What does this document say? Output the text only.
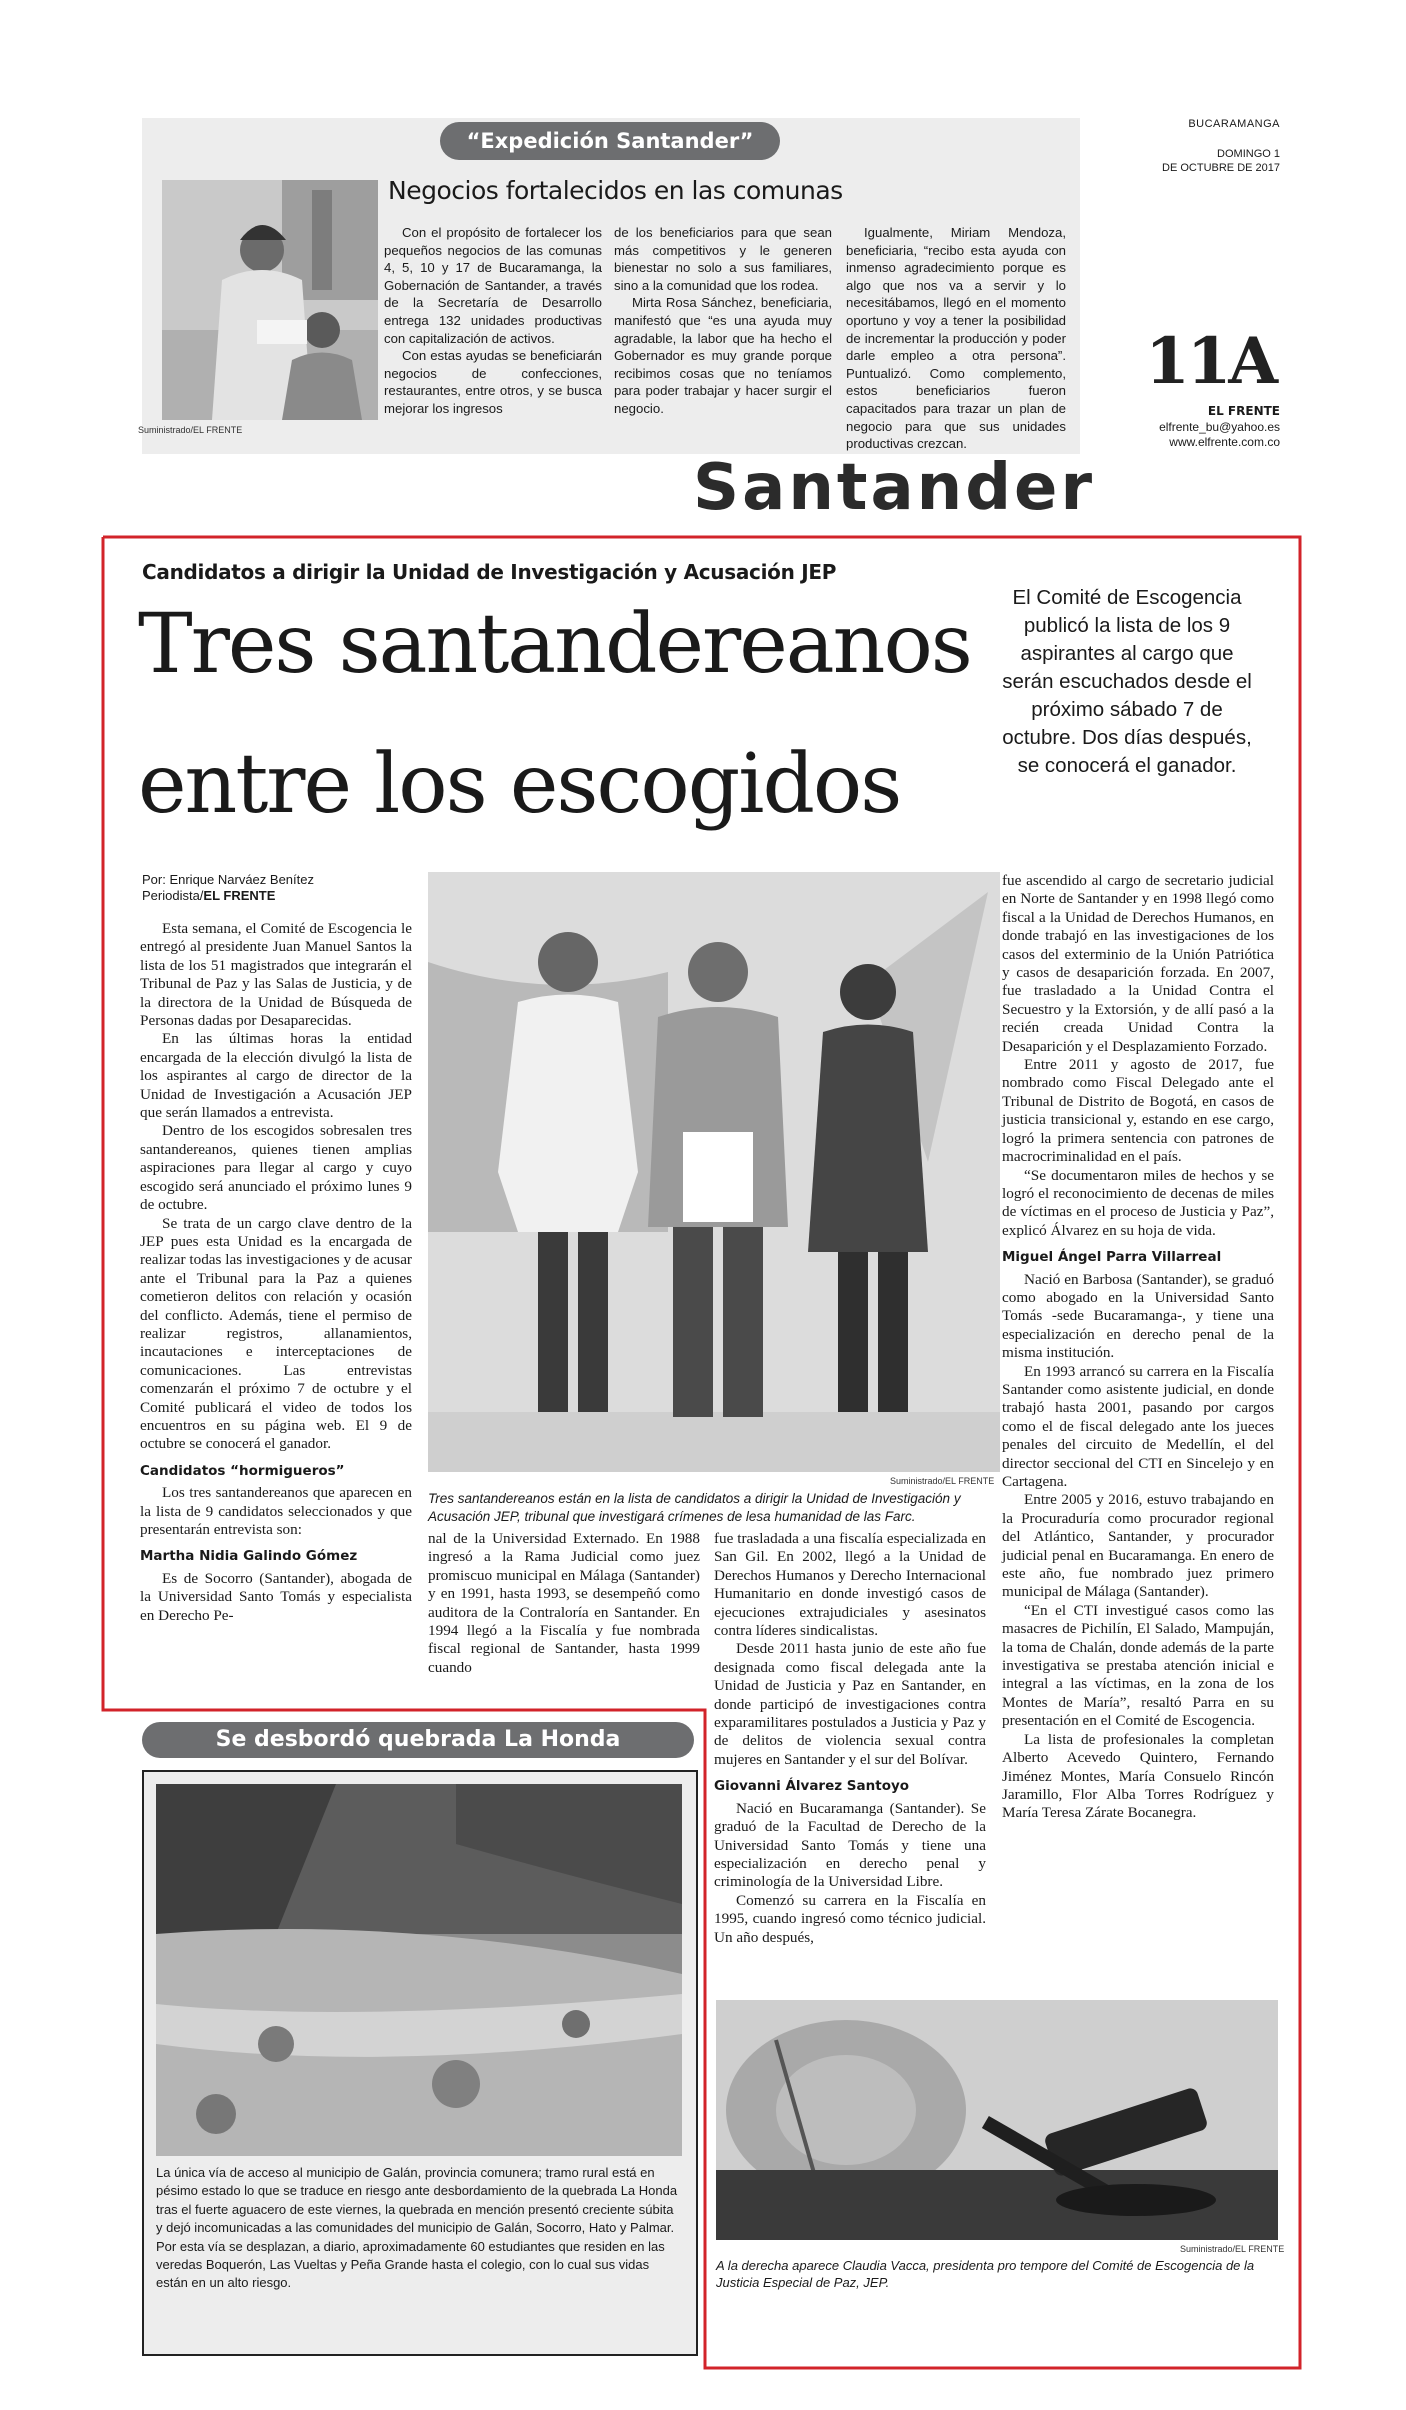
BUCARAMANGA
DOMINGO 1
DE OCTUBRE DE 2017
11A
EL FRENTE
elfrente_bu@yahoo.es
www.elfrente.com.co
“Expedición Santander”
Suministrado/EL FRENTE
Negocios fortalecidos en las comunas

Con el propósito de fortalecer los pequeños negocios de las comunas 4, 5, 10 y 17 de Bucaramanga, la Gobernación de Santander, a través de la Secretaría de Desarrollo entrega 132 unidades productivas con capitalización de activos.

Con estas ayudas se beneficiarán negocios de confecciones, restaurantes, entre otros, y se busca mejorar los ingresos

de los beneficiarios para que sean más competitivos y le generen bienestar no solo a sus familiares, sino a la comunidad que los rodea.

Mirta Rosa Sánchez, beneficiaria, manifestó que “es una ayuda muy agradable, la labor que ha hecho el Gobernador es muy grande porque recibimos cosas que no teníamos para poder trabajar y hacer surgir el negocio.

Igualmente, Miriam Mendoza, beneficiaria, “recibo esta ayuda con inmenso agradecimiento porque es algo que nos va a servir y lo necesitábamos, llegó en el momento oportuno y voy a tener la posibilidad de incrementar la producción y poder darle empleo a otra persona”. Puntualizó. Como complemento, estos beneficiarios fueron capacitados para trazar un plan de negocio para que sus unidades productivas crezcan.

Santander
Candidatos a dirigir la Unidad de Investigación y Acusación JEP
Tres santandereanos
entre los escogidos
El Comité de Escogencia publicó la lista de los 9 aspirantes al cargo que serán escuchados desde el próximo sábado 7 de octubre. Dos días después, se conocerá el ganador.
Por: Enrique Narváez Benítez
Periodista/EL FRENTE
Suministrado/EL FRENTE
Tres santandereanos están en la lista de candidatos a dirigir la Unidad de Investigación y Acusación JEP, tribunal que investigará crímenes de lesa humanidad de las Farc.

Esta semana, el Comité de Escogencia le entregó al presidente Juan Manuel Santos la lista de los 51 magistrados que integrarán el Tribunal de Paz y las Salas de Justicia, y de la directora de la Unidad de Búsqueda de Personas dadas por Desaparecidas.

En las últimas horas la entidad encargada de la elección divulgó la lista de los aspirantes al cargo de director de la Unidad de Investigación a Acusación JEP que serán llamados a entrevista.

Dentro de los escogidos sobresalen tres santandereanos, quienes tienen amplias aspiraciones para llegar al cargo y cuyo escogido será anunciado el próximo lunes 9 de octubre.

Se trata de un cargo clave dentro de la JEP pues esta Unidad es la encargada de realizar todas las investigaciones y de acusar ante el Tribunal para la Paz a quienes cometieron delitos con relación y ocasión del conflicto. Además, tiene el permiso de realizar registros, allanamientos, incautaciones e interceptaciones de comunicaciones. Las entrevistas comenzarán el próximo 7 de octubre y el Comité publicará el video de todos los encuentros en su página web. El 9 de octubre se conocerá el ganador.

Candidatos “hormigueros”

Los tres santandereanos que aparecen en la lista de 9 candidatos seleccionados y que presentarán entrevista son:

Martha Nidia Galindo Gómez

Es de Socorro (Santander), abogada de la Universidad Santo Tomás y especialista en Derecho Pe-

nal de la Universidad Externado. En 1988 ingresó a la Rama Judicial como juez promiscuo municipal en Málaga (Santander) y en 1991, hasta 1993, se desempeñó como auditora de la Contraloría en Santander. En 1994 llegó a la Fiscalía y fue nombrada fiscal regional de Santander, hasta 1999 cuando

fue trasladada a una fiscalía especializada en San Gil. En 2002, llegó a la Unidad de Derechos Humanos y Derecho Internacional Humanitario en donde investigó casos de ejecuciones extrajudiciales y asesinatos contra líderes sindicalistas.

Desde 2011 hasta junio de este año fue designada como fiscal delegada ante la Unidad de Justicia y Paz en Santander, en donde participó de investigaciones contra exparamilitares postulados a Justicia y Paz y de delitos de violencia sexual contra mujeres en Santander y el sur del Bolívar.

Giovanni Álvarez Santoyo

Nació en Bucaramanga (Santander). Se graduó de la Facultad de Derecho de la Universidad Santo Tomás y tiene una especialización en derecho penal y criminología de la Universidad Libre.

Comenzó su carrera en la Fiscalía en 1995, cuando ingresó como técnico judicial. Un año después,

fue ascendido al cargo de secretario judicial en Norte de Santander y en 1998 llegó como fiscal a la Unidad de Derechos Humanos, en donde trabajó en las investigaciones de los casos del exterminio de la Unión Patriótica y casos de desaparición forzada. En 2007, fue trasladado a la Unidad Contra el Secuestro y la Extorsión, y de allí pasó a la recién creada Unidad Contra la Desaparición y el Desplazamiento Forzado.

Entre 2011 y agosto de 2017, fue nombrado como Fiscal Delegado ante el Tribunal de Distrito de Bogotá, en casos de justicia transicional y, estando en ese cargo, logró la primera sentencia con patrones de macrocriminalidad en el país.

“Se documentaron miles de hechos y se logró el reconocimiento de decenas de miles de víctimas en el proceso de Justicia y Paz”, explicó Álvarez en su hoja de vida.

Miguel Ángel Parra Villarreal

Nació en Barbosa (Santander), se graduó como abogado en la Universidad Santo Tomás -sede Bucaramanga-, y tiene una especialización en derecho penal de la misma institución.

En 1993 arrancó su carrera en la Fiscalía Santander como asistente judicial, en donde trabajó hasta 2001, pasando por cargos como el de fiscal delegado ante los jueces penales del circuito de Medellín, el del director seccional del CTI en Sincelejo y en Cartagena.

Entre 2005 y 2016, estuvo trabajando en la Procuraduría como procurador regional del Atlántico, Santander, y procurador judicial penal en Bucaramanga. En enero de este año, fue nombrado juez primero municipal de Málaga (Santander).

“En el CTI investigué casos como las masacres de Pichilín, El Salado, Mampuján, la toma de Chalán, donde además de la parte investigativa se prestaba atención inicial e integral a las víctimas, en la zona de los Montes de María”, resaltó Parra en su presentación en el Comité de Escogencia.

La lista de profesionales la completan Alberto Acevedo Quintero, Fernando Jiménez Montes, María Consuelo Rincón Jaramillo, Flor Alba Torres Rodríguez y María Teresa Zárate Bocanegra.

Suministrado/EL FRENTE
A la derecha aparece Claudia Vacca, presidenta pro tempore del Comité de Escogencia de la Justicia Especial de Paz, JEP.
Se desbordó quebrada La Honda
La única vía de acceso al municipio de Galán, provincia comunera; tramo rural está en pésimo estado lo que se traduce en riesgo ante desbordamiento de la quebrada La Honda tras el fuerte aguacero de este viernes, la quebrada en mención presentó creciente súbita y dejó incomunicadas a las comunidades del municipio de Galán, Socorro, Hato y Palmar. Por esta vía se desplazan, a diario, aproximadamente 60 estudiantes que residen en las veredas Boquerón, Las Vueltas y Peña Grande hasta el colegio, con lo cual sus vidas están en un alto riesgo.
